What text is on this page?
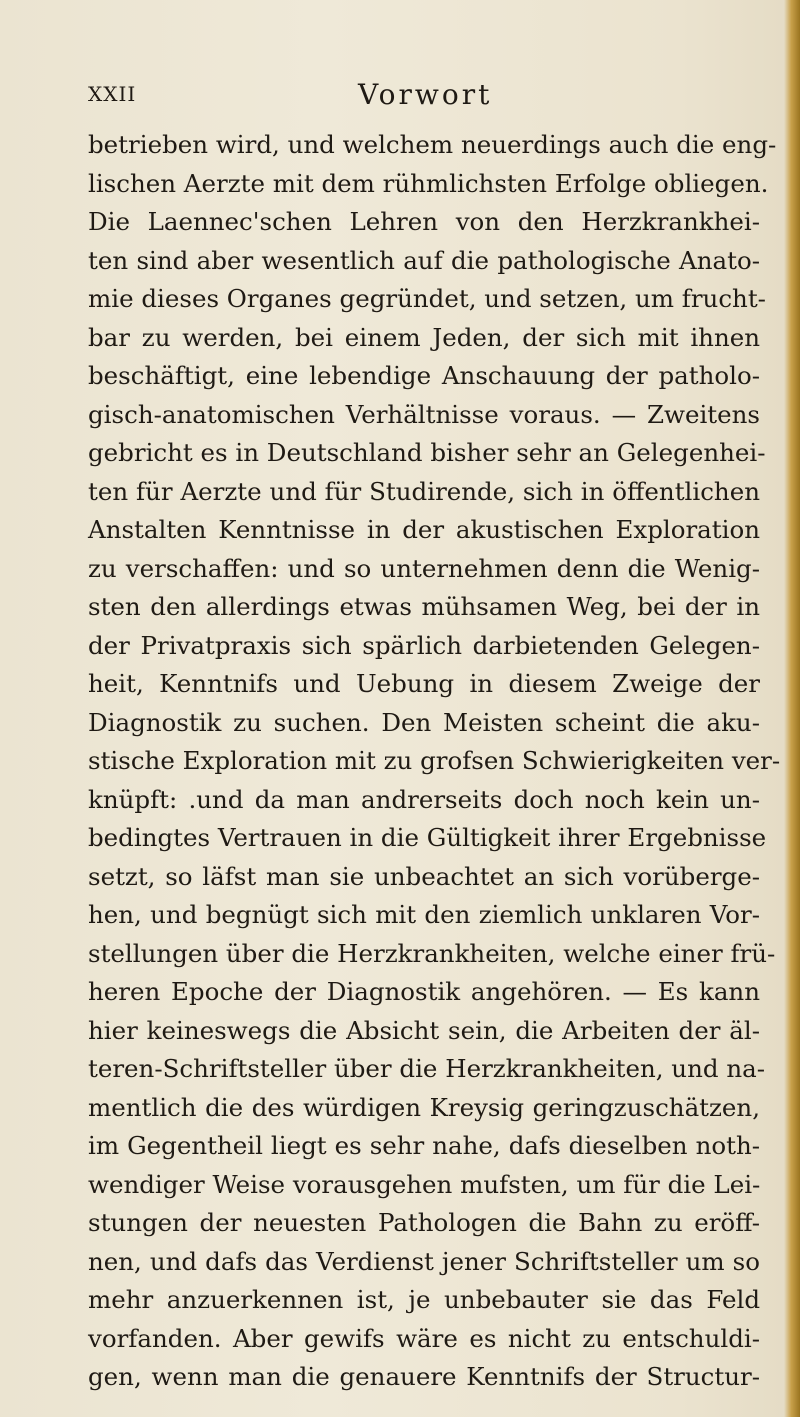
XXII	Vorwort
betrieben wird, und welchem neuerdings auch die eng-
lischen Aerzte mit dem rühmlichsten Erfolge obliegen.
Die Laennec'schen Lehren von den Herzkrankhei-
ten sind aber wesentlich auf die pathologische Anato-
mie dieses Organes gegründet, und setzen, um frucht-
bar zu werden, bei einem Jeden, der sich mit ihnen
beschäftigt, eine lebendige Anschauung der patholo-
gisch-anatomischen Verhältnisse voraus. — Zweitens
gebricht es in Deutschland bisher sehr an Gelegenhei-
ten für Aerzte und für Studirende, sich in öffentlichen
Anstalten Kenntnisse in der akustischen Exploration
zu verschaffen: und so unternehmen denn die Wenig-
sten den allerdings etwas mühsamen Weg, bei der in
der Privatpraxis sich spärlich darbietenden Gelegen-
heit, Kenntnifs und Uebung in diesem Zweige der
Diagnostik zu suchen. Den Meisten scheint die aku-
stische Exploration mit zu grofsen Schwierigkeiten ver-
knüpft: .und da man andrerseits doch noch kein un-
bedingtes Vertrauen in die Gültigkeit ihrer Ergebnisse
setzt, so läfst man sie unbeachtet an sich vorüberge-
hen, und begnügt sich mit den ziemlich unklaren Vor-
stellungen über die Herzkrankheiten, welche einer frü-
heren Epoche der Diagnostik angehören. — Es kann
hier keineswegs die Absicht sein, die Arbeiten der äl-
teren-Schriftsteller über die Herzkrankheiten, und na-
mentlich die des würdigen Kreysig geringzuschätzen,
im Gegentheil liegt es sehr nahe, dafs dieselben noth-
wendiger Weise vorausgehen mufsten, um für die Lei-
stungen der neuesten Pathologen die Bahn zu eröff-
nen, und dafs das Verdienst jener Schriftsteller um so
mehr anzuerkennen ist, je unbebauter sie das Feld
vorfanden. Aber gewifs wäre es nicht zu entschuldi-
gen, wenn man die genauere Kenntnifs der Structur-
